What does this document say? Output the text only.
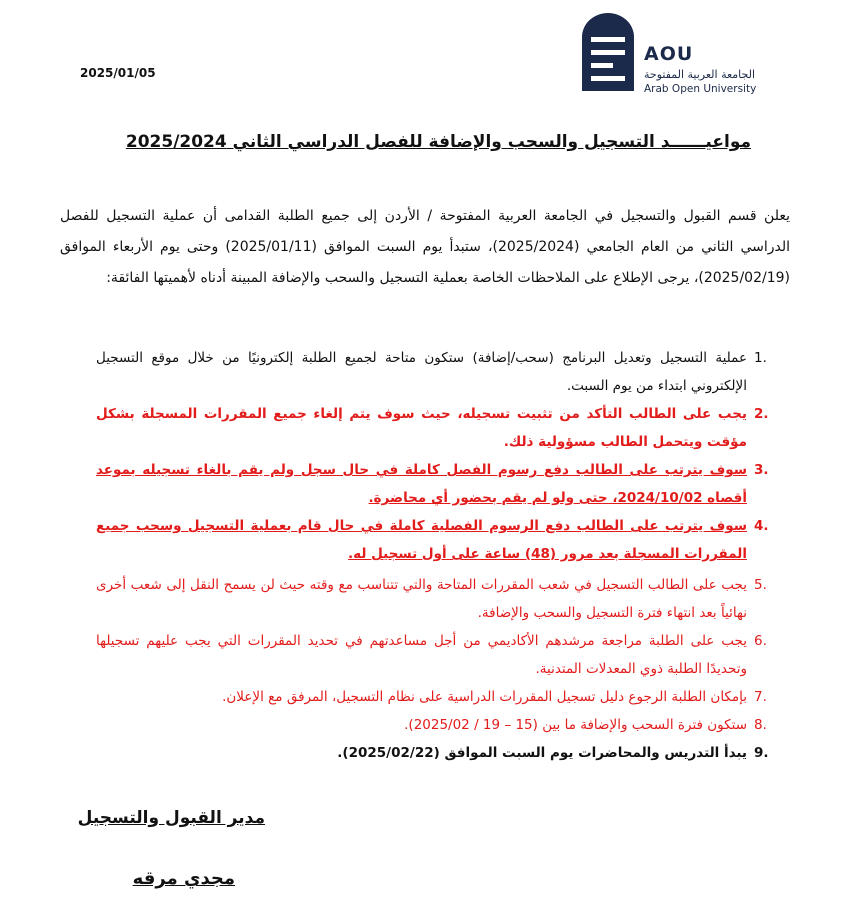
2025/01/05
AOU
الجامعة العربية المفتوحة
Arab Open University
مواعيــــــد التسجيل والسحب والإضافة للفصل الدراسي الثاني 2025/2024

يعلن قسم القبول والتسجيل في الجامعة العربية المفتوحة / الأردن إلى جميع الطلبة القدامى أن عملية التسجيل للفصل الدراسي الثاني من العام الجامعي (2025/2024)، ستبدأ يوم السبت الموافق (2025/01/11) وحتى يوم الأربعاء الموافق (2025/02/19)، يرجى الإطلاع على الملاحظات الخاصة بعملية التسجيل والسحب والإضافة المبينة أدناه لأهميتها الفائقة:

1.
عملية التسجيل وتعديل البرنامج (سحب/إضافة) ستكون متاحة لجميع الطلبة إلكترونيًا من خلال موقع التسجيل الإلكتروني ابتداء من يوم السبت.
2.
يجب على الطالب التأكد من تثبيت تسجيله، حيث سوف يتم إلغاء جميع المقررات المسجلة بشكل مؤقت ويتحمل الطالب مسؤولية ذلك.
3.
سوف يترتب على الطالب دفع رسوم الفصل كاملة في حال سجل ولم يقم بالغاء تسجيله بموعد أقصاه 2024/10/02، حتى ولو لم يقم بحضور أي محاضرة.
4.
سوف يترتب على الطالب دفع الرسوم الفصلية كاملة في حال قام بعملية التسجيل وسحب جميع المقررات المسجلة بعد مرور (48) ساعة على أول تسجيل له.
5.
يجب على الطالب التسجيل في شعب المقررات المتاحة والتي تتناسب مع وقته حيث لن يسمح النقل إلى شعب أخرى نهائياً بعد انتهاء فترة التسجيل والسحب والإضافة.
6.
يجب على الطلبة مراجعة مرشدهم الأكاديمي من أجل مساعدتهم في تحديد المقررات التي يجب عليهم تسجيلها وتحديدًا الطلبة ذوي المعدلات المتدنية.
7.
بإمكان الطلبة الرجوع دليل تسجيل المقررات الدراسية على نظام التسجيل، المرفق مع الإعلان.
8.
ستكون فترة السحب والإضافة ما بين (15 – 19 / 2025/02).
9.
يبدأ التدريس والمحاضرات يوم السبت الموافق (2025/02/22).
مدير القبول والتسجيل
مجدي مرقه
